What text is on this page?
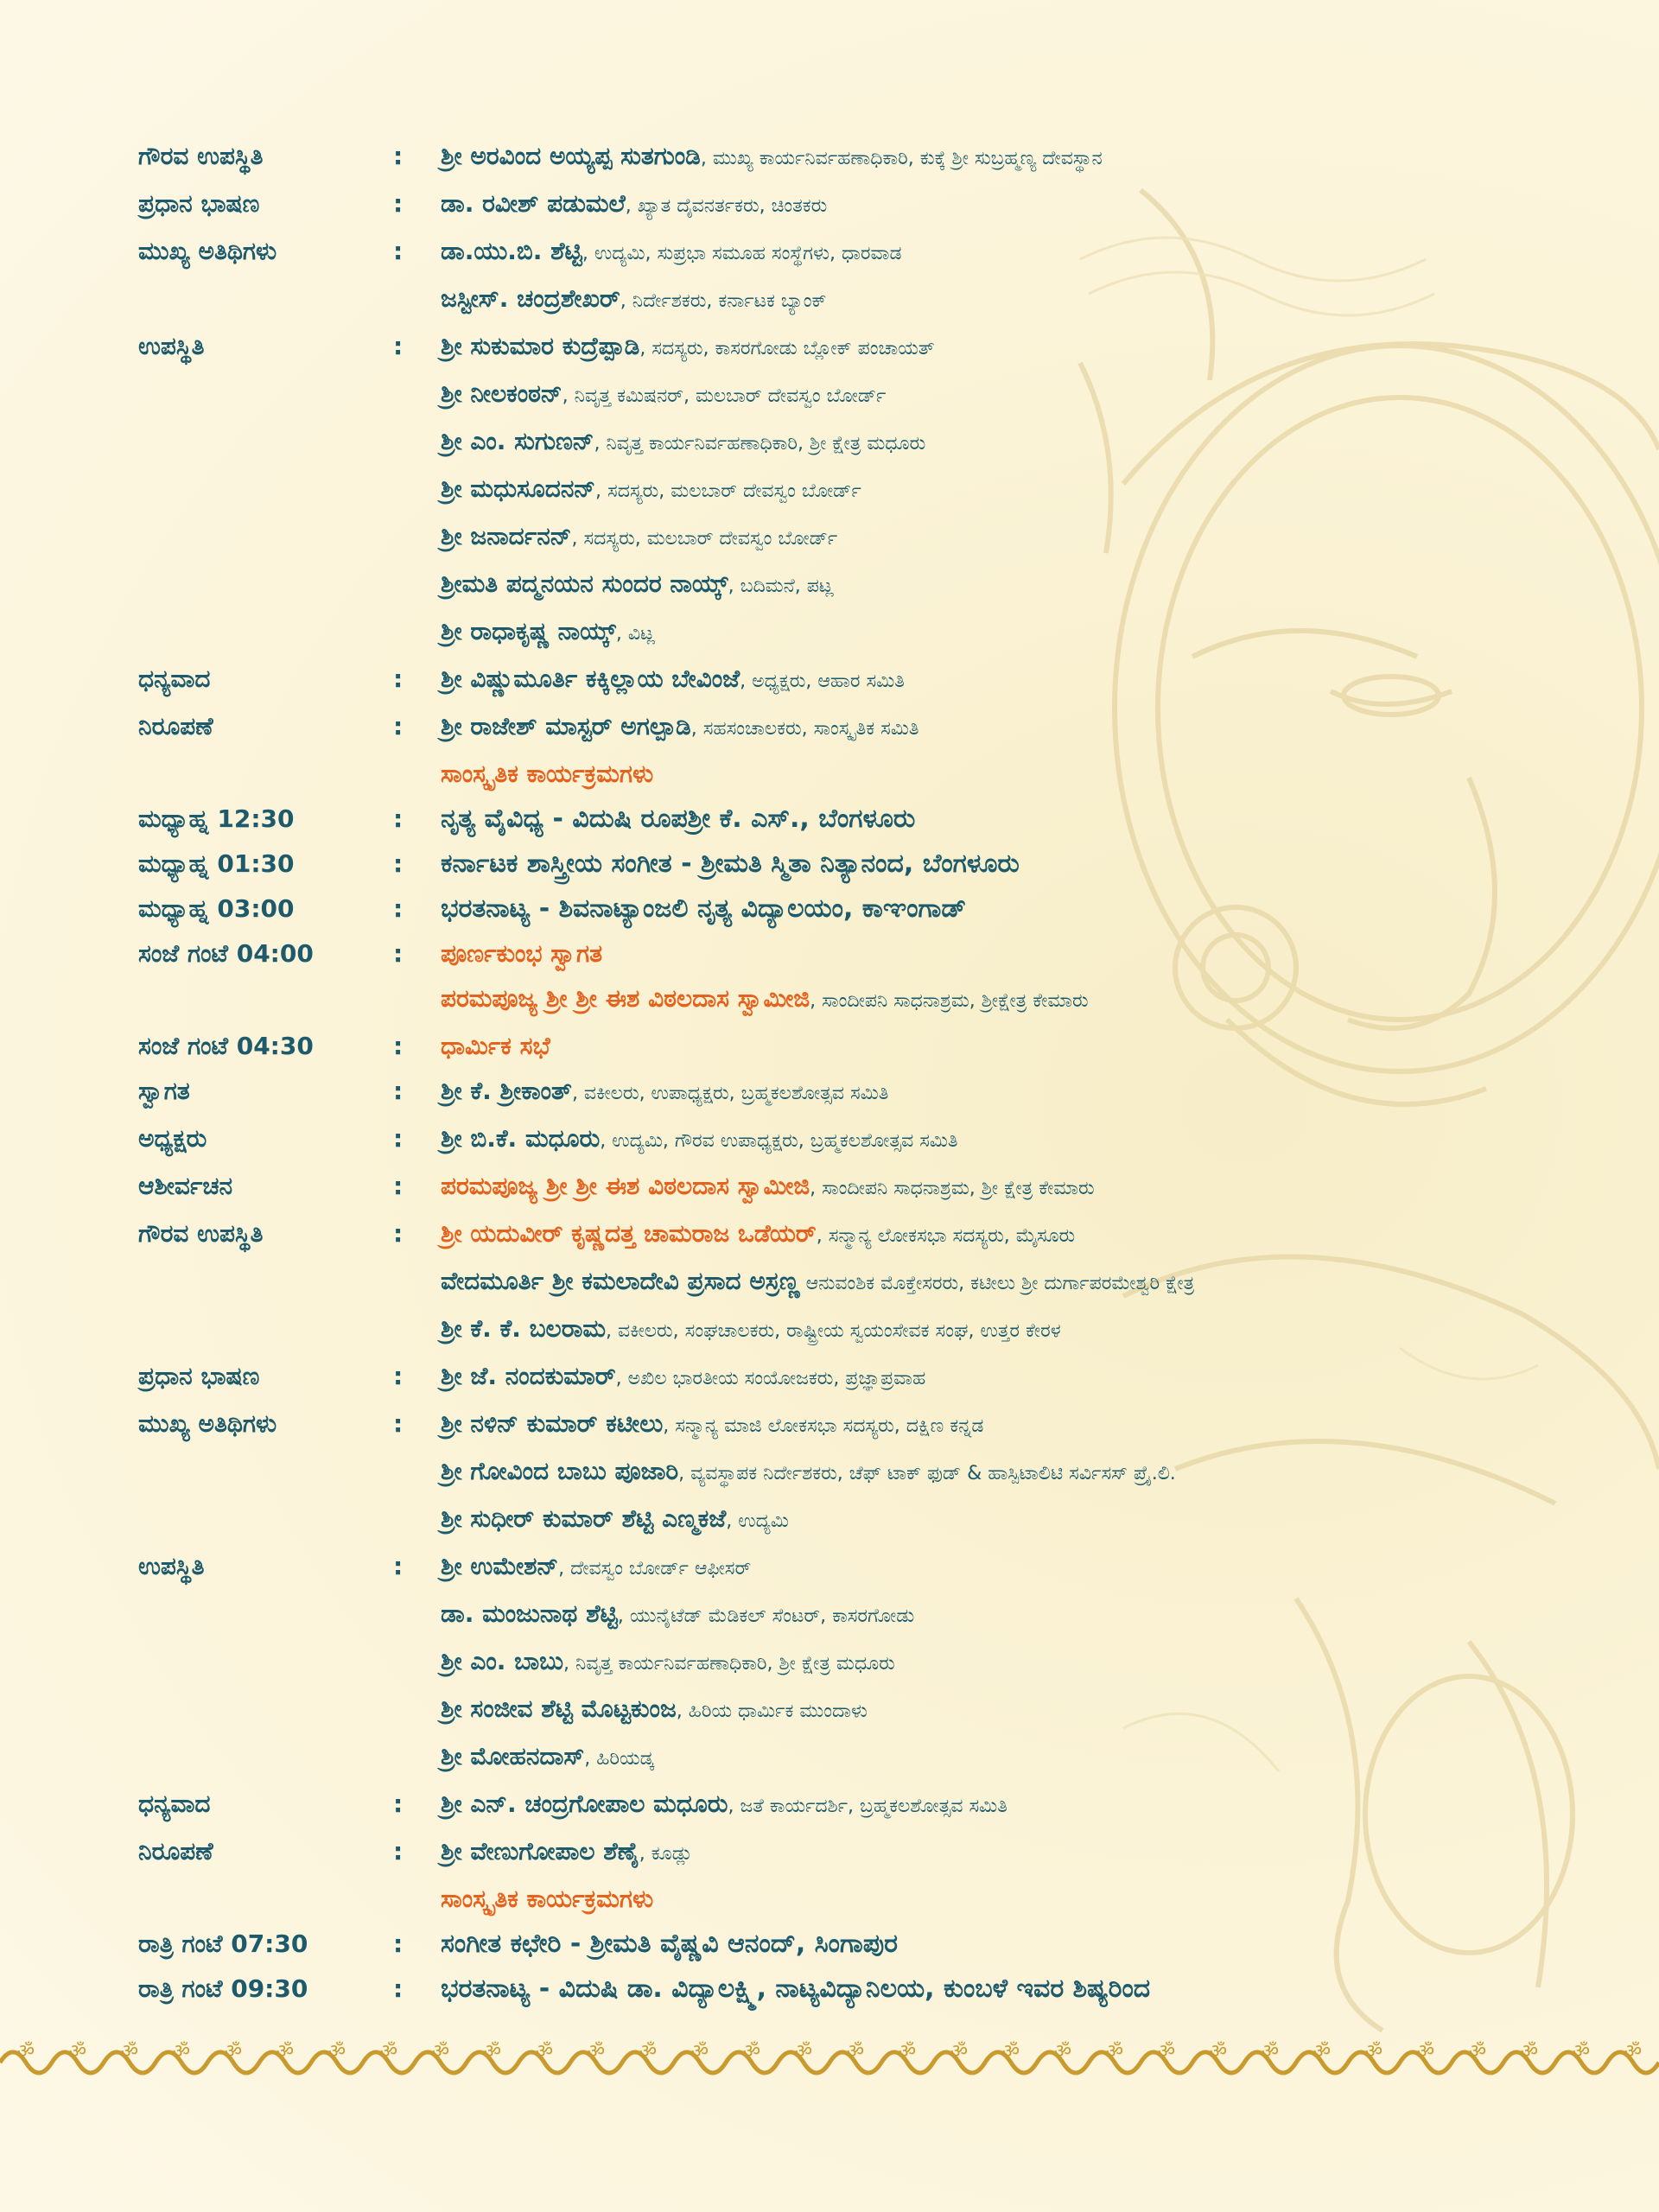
ಗೌರವ ಉಪಸ್ಥಿತಿ	:	ಶ್ರೀ ಅರವಿಂದ ಅಯ್ಯಪ್ಪ ಸುತಗುಂಡಿ, ಮುಖ್ಯ ಕಾರ್ಯನಿರ್ವಹಣಾಧಿಕಾರಿ, ಕುಕ್ಕೆ ಶ್ರೀ ಸುಬ್ರಹ್ಮಣ್ಯ ದೇವಸ್ಥಾನ
ಪ್ರಧಾನ ಭಾಷಣ	:	ಡಾ. ರವೀಶ್ ಪಡುಮಲೆ, ಖ್ಯಾತ ದೈವನರ್ತಕರು, ಚಿಂತಕರು
ಮುಖ್ಯ ಅತಿಥಿಗಳು	:	ಡಾ.ಯು.ಬಿ. ಶೆಟ್ಟಿ, ಉದ್ಯಮಿ, ಸುಪ್ರಭಾ ಸಮೂಹ ಸಂಸ್ಥೆಗಳು, ಧಾರವಾಡ
ಜಸ್ಟೀಸ್. ಚಂದ್ರಶೇಖರ್, ನಿರ್ದೇಶಕರು, ಕರ್ನಾಟಕ ಬ್ಯಾಂಕ್
ಉಪಸ್ಥಿತಿ	:	ಶ್ರೀ ಸುಕುಮಾರ ಕುದ್ರೆಪ್ಪಾಡಿ, ಸದಸ್ಯರು, ಕಾಸರಗೋಡು ಬ್ಲೋಕ್ ಪಂಚಾಯತ್
ಶ್ರೀ ನೀಲಕಂಠನ್, ನಿವೃತ್ತ ಕಮಿಷನರ್, ಮಲಬಾರ್ ದೇವಸ್ವಂ ಬೋರ್ಡ್
ಶ್ರೀ ಎಂ. ಸುಗುಣನ್, ನಿವೃತ್ತ ಕಾರ್ಯನಿರ್ವಹಣಾಧಿಕಾರಿ, ಶ್ರೀ ಕ್ಷೇತ್ರ ಮಧೂರು
ಶ್ರೀ ಮಧುಸೂದನನ್, ಸದಸ್ಯರು, ಮಲಬಾರ್ ದೇವಸ್ವಂ ಬೋರ್ಡ್
ಶ್ರೀ ಜನಾರ್ದನನ್, ಸದಸ್ಯರು, ಮಲಬಾರ್ ದೇವಸ್ವಂ ಬೋರ್ಡ್
ಶ್ರೀಮತಿ ಪದ್ಮನಯನ ಸುಂದರ ನಾಯ್ಕ್, ಬದಿಮನೆ, ಪಟ್ಲ
ಶ್ರೀ ರಾಧಾಕೃಷ್ಣ ನಾಯ್ಕ್, ವಿಟ್ಲ
ಧನ್ಯವಾದ	:	ಶ್ರೀ ವಿಷ್ಣುಮೂರ್ತಿ ಕಕ್ಕಿಲ್ಲಾಯ ಬೇವಿಂಜೆ, ಅಧ್ಯಕ್ಷರು, ಆಹಾರ ಸಮಿತಿ
ನಿರೂಪಣೆ	:	ಶ್ರೀ ರಾಜೇಶ್ ಮಾಸ್ಟರ್ ಅಗಲ್ಪಾಡಿ, ಸಹಸಂಚಾಲಕರು, ಸಾಂಸ್ಕೃತಿಕ ಸಮಿತಿ
ಸಾಂಸ್ಕೃತಿಕ ಕಾರ್ಯಕ್ರಮಗಳು
ಮಧ್ಯಾಹ್ನ 12:30	:	ನೃತ್ಯ ವೈವಿಧ್ಯ - ವಿದುಷಿ ರೂಪಶ್ರೀ ಕೆ. ಎಸ್., ಬೆಂಗಳೂರು
ಮಧ್ಯಾಹ್ನ 01:30	:	ಕರ್ನಾಟಕ ಶಾಸ್ತ್ರೀಯ ಸಂಗೀತ - ಶ್ರೀಮತಿ ಸ್ಮಿತಾ ನಿತ್ಯಾನಂದ, ಬೆಂಗಳೂರು
ಮಧ್ಯಾಹ್ನ 03:00	:	ಭರತನಾಟ್ಯ - ಶಿವನಾಟ್ಯಾಂಜಲಿ ನೃತ್ಯ ವಿದ್ಯಾಲಯಂ, ಕಾಞಂಗಾಡ್
ಸಂಜೆ ಗಂಟೆ 04:00	:	ಪೂರ್ಣಕುಂಭ ಸ್ವಾಗತ
ಪರಮಪೂಜ್ಯ ಶ್ರೀ ಶ್ರೀ ಈಶ ವಿಠಲದಾಸ ಸ್ವಾಮೀಜಿ, ಸಾಂದೀಪನಿ ಸಾಧನಾಶ್ರಮ, ಶ್ರೀಕ್ಷೇತ್ರ ಕೇಮಾರು
ಸಂಜೆ ಗಂಟೆ 04:30	:	ಧಾರ್ಮಿಕ ಸಭೆ
ಸ್ವಾಗತ	:	ಶ್ರೀ ಕೆ. ಶ್ರೀಕಾಂತ್, ವಕೀಲರು, ಉಪಾಧ್ಯಕ್ಷರು, ಬ್ರಹ್ಮಕಲಶೋತ್ಸವ ಸಮಿತಿ
ಅಧ್ಯಕ್ಷರು	:	ಶ್ರೀ ಬಿ.ಕೆ. ಮಧೂರು, ಉದ್ಯಮಿ, ಗೌರವ ಉಪಾಧ್ಯಕ್ಷರು, ಬ್ರಹ್ಮಕಲಶೋತ್ಸವ ಸಮಿತಿ
ಆಶೀರ್ವಚನ	:	ಪರಮಪೂಜ್ಯ ಶ್ರೀ ಶ್ರೀ ಈಶ ವಿಠಲದಾಸ ಸ್ವಾಮೀಜಿ, ಸಾಂದೀಪನಿ ಸಾಧನಾಶ್ರಮ, ಶ್ರೀ ಕ್ಷೇತ್ರ ಕೇಮಾರು
ಗೌರವ ಉಪಸ್ಥಿತಿ	:	ಶ್ರೀ ಯದುವೀರ್ ಕೃಷ್ಣದತ್ತ ಚಾಮರಾಜ ಒಡೆಯರ್, ಸನ್ಮಾನ್ಯ ಲೋಕಸಭಾ ಸದಸ್ಯರು, ಮೈಸೂರು
ವೇದಮೂರ್ತಿ ಶ್ರೀ ಕಮಲಾದೇವಿ ಪ್ರಸಾದ ಅಸ್ರಣ್ಣ ಆನುವಂಶಿಕ ಮೊಕ್ತೇಸರರು, ಕಟೀಲು ಶ್ರೀ ದುರ್ಗಾಪರಮೇಶ್ವರಿ ಕ್ಷೇತ್ರ
ಶ್ರೀ ಕೆ. ಕೆ. ಬಲರಾಮ, ವಕೀಲರು, ಸಂಘಚಾಲಕರು, ರಾಷ್ಟ್ರೀಯ ಸ್ವಯಂಸೇವಕ ಸಂಘ, ಉತ್ತರ ಕೇರಳ
ಪ್ರಧಾನ ಭಾಷಣ	:	ಶ್ರೀ ಜೆ. ನಂದಕುಮಾರ್, ಅಖಿಲ ಭಾರತೀಯ ಸಂಯೋಜಕರು, ಪ್ರಜ್ಞಾಪ್ರವಾಹ
ಮುಖ್ಯ ಅತಿಥಿಗಳು	:	ಶ್ರೀ ನಳಿನ್ ಕುಮಾರ್ ಕಟೀಲು, ಸನ್ಮಾನ್ಯ ಮಾಜಿ ಲೋಕಸಭಾ ಸದಸ್ಯರು, ದಕ್ಷಿಣ ಕನ್ನಡ
ಶ್ರೀ ಗೋವಿಂದ ಬಾಬು ಪೂಜಾರಿ, ವ್ಯವಸ್ಥಾಪಕ ನಿರ್ದೇಶಕರು, ಚೆಫ್ ಟಾಕ್ ಫುಡ್ & ಹಾಸ್ಪಿಟಾಲಿಟಿ ಸರ್ವಿಸಸ್ ಪ್ರೈ.ಲಿ.
ಶ್ರೀ ಸುಧೀರ್ ಕುಮಾರ್ ಶೆಟ್ಟಿ ಎಣ್ಮಕಜೆ, ಉದ್ಯಮಿ
ಉಪಸ್ಥಿತಿ	:	ಶ್ರೀ ಉಮೇಶನ್, ದೇವಸ್ವಂ ಬೋರ್ಡ್ ಆಫೀಸರ್
ಡಾ. ಮಂಜುನಾಥ ಶೆಟ್ಟಿ, ಯುನೈಟೆಡ್ ಮೆಡಿಕಲ್ ಸೆಂಟರ್, ಕಾಸರಗೋಡು
ಶ್ರೀ ಎಂ. ಬಾಬು, ನಿವೃತ್ತ ಕಾರ್ಯನಿರ್ವಹಣಾಧಿಕಾರಿ, ಶ್ರೀ ಕ್ಷೇತ್ರ ಮಧೂರು
ಶ್ರೀ ಸಂಜೀವ ಶೆಟ್ಟಿ ಮೊಟ್ಟಕುಂಜ, ಹಿರಿಯ ಧಾರ್ಮಿಕ ಮುಂದಾಳು
ಶ್ರೀ ಮೋಹನದಾಸ್, ಹಿರಿಯಡ್ಕ
ಧನ್ಯವಾದ	:	ಶ್ರೀ ಎನ್. ಚಂದ್ರಗೋಪಾಲ ಮಧೂರು, ಜತೆ ಕಾರ್ಯದರ್ಶಿ, ಬ್ರಹ್ಮಕಲಶೋತ್ಸವ ಸಮಿತಿ
ನಿರೂಪಣೆ	:	ಶ್ರೀ ವೇಣುಗೋಪಾಲ ಶೆಣೈ, ಕೂಡ್ಲು
ಸಾಂಸ್ಕೃತಿಕ ಕಾರ್ಯಕ್ರಮಗಳು
ರಾತ್ರಿ ಗಂಟೆ 07:30	:	ಸಂಗೀತ ಕಛೇರಿ - ಶ್ರೀಮತಿ ವೈಷ್ಣವಿ ಆನಂದ್, ಸಿಂಗಾಪುರ
ರಾತ್ರಿ ಗಂಟೆ 09:30	:	ಭರತನಾಟ್ಯ - ವಿದುಷಿ ಡಾ. ವಿದ್ಯಾಲಕ್ಷ್ಮಿ, ನಾಟ್ಯವಿದ್ಯಾನಿಲಯ, ಕುಂಬಳೆ ಇವರ ಶಿಷ್ಯರಿಂದ
ॐ ॐ ॐ ॐ ॐ ॐ ॐ ॐ ॐ ॐ ॐ ॐ ॐ ॐ ॐ ॐ ॐ ॐ ॐ ॐ ॐ ॐ ॐ ॐ ॐ ॐ ॐ ॐ ॐ ॐ ॐ ॐ
